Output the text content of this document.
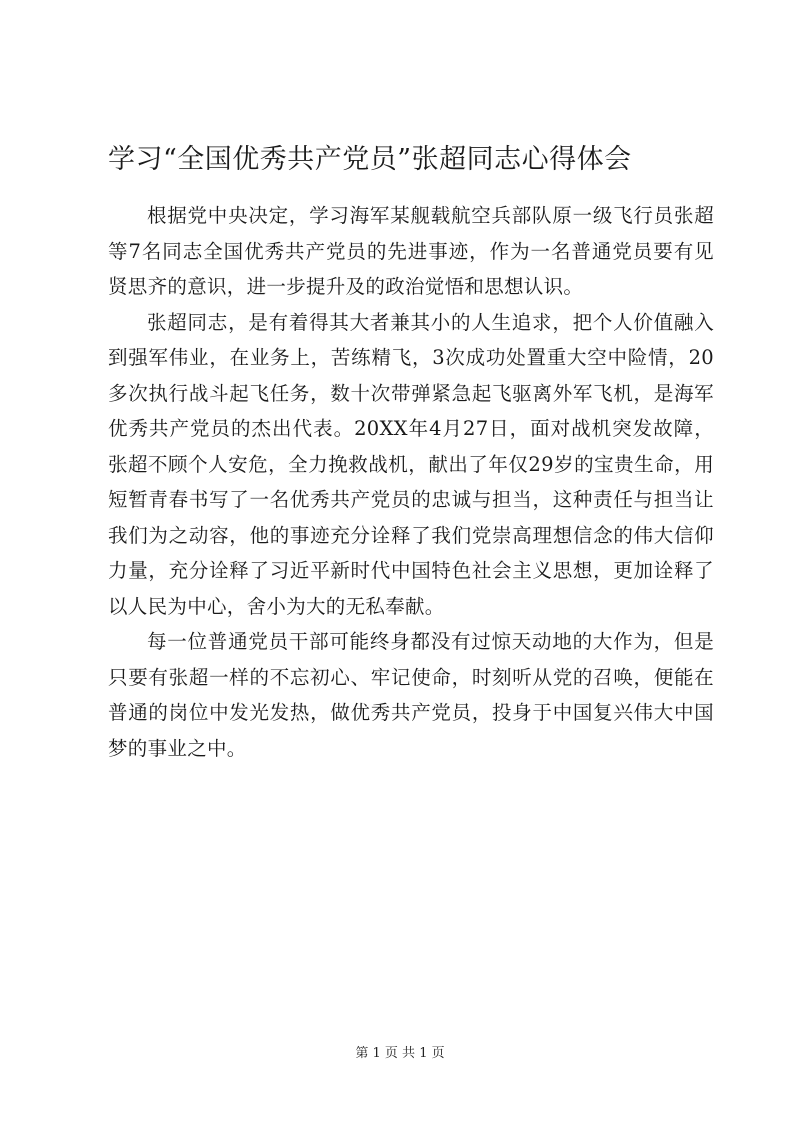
学习“全国优秀共产党员”张超同志心得体会

根据党中央决定，学习海军某舰载航空兵部队原一级飞行员张超等7名同志全国优秀共产党员的先进事迹，作为一名普通党员要有见贤思齐的意识，进一步提升及的政治觉悟和思想认识。

张超同志，是有着得其大者兼其小的人生追求，把个人价值融入到强军伟业，在业务上，苦练精飞，3次成功处置重大空中险情，20多次执行战斗起飞任务，数十次带弹紧急起飞驱离外军飞机，是海军优秀共产党员的杰出代表。20XX年4月27日，面对战机突发故障，张超不顾个人安危，全力挽救战机，献出了年仅29岁的宝贵生命，用短暂青春书写了一名优秀共产党员的忠诚与担当，这种责任与担当让我们为之动容，他的事迹充分诠释了我们党崇高理想信念的伟大信仰力量，充分诠释了习近平新时代中国特色社会主义思想，更加诠释了以人民为中心，舍小为大的无私奉献。

每一位普通党员干部可能终身都没有过惊天动地的大作为，但是只要有张超一样的不忘初心、牢记使命，时刻听从党的召唤，便能在普通的岗位中发光发热，做优秀共产党员，投身于中国复兴伟大中国梦的事业之中。

第 1 页 共 1 页
